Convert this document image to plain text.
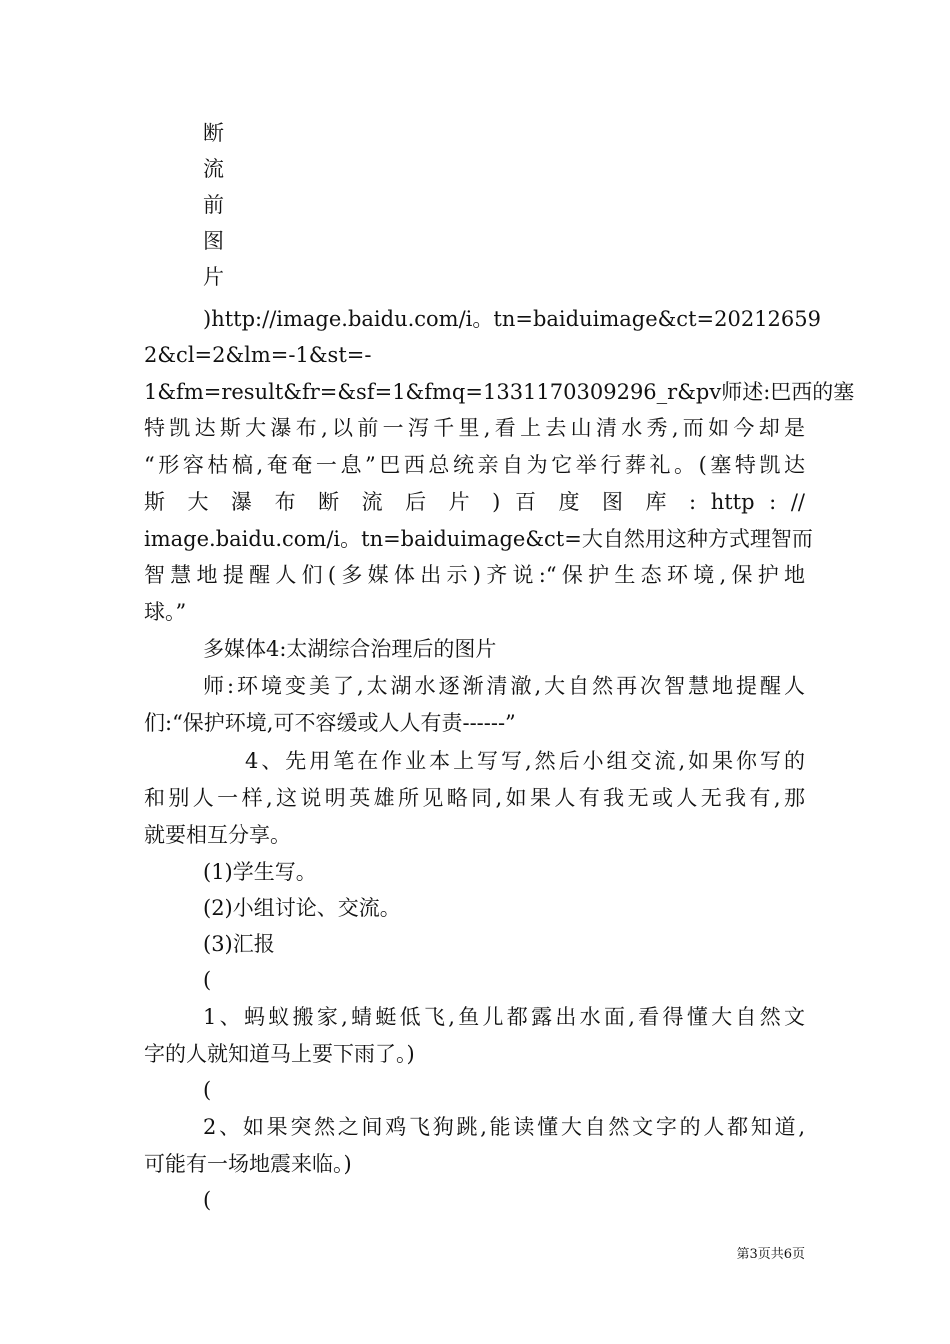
断
流
前
图
片
)http://image.baidu.com/i。tn=baiduimage&ct=20212659
2&cl=2&lm=-1&st=-
1&fm=result&fr=&sf=1&fmq=1331170309296_r&pv师述:巴西的塞
特凯达斯大瀑布,以前一泻千里,看上去山清水秀,而如今却是
“形容枯槁,奄奄一息”巴西总统亲自为它举行葬礼。(塞特凯达
斯 大 瀑 布 断 流 后 片 ) 百 度 图 库 : http : //
image.baidu.com/i。tn=baiduimage&ct=大自然用这种方式理智而
智慧地提醒人们(多媒体出示)齐说:“保护生态环境,保护地
球。”
多媒体4:太湖综合治理后的图片
师:环境变美了,太湖水逐渐清澈,大自然再次智慧地提醒人
们:“保护环境,可不容缓或人人有责------”
4、先用笔在作业本上写写,然后小组交流,如果你写的
和别人一样,这说明英雄所见略同,如果人有我无或人无我有,那
就要相互分享。
(1)学生写。
(2)小组讨论、交流。
(3)汇报
(
1、蚂蚁搬家,蜻蜓低飞,鱼儿都露出水面,看得懂大自然文
字的人就知道马上要下雨了。)
(
2、如果突然之间鸡飞狗跳,能读懂大自然文字的人都知道,
可能有一场地震来临。)
(
第3页共6页
